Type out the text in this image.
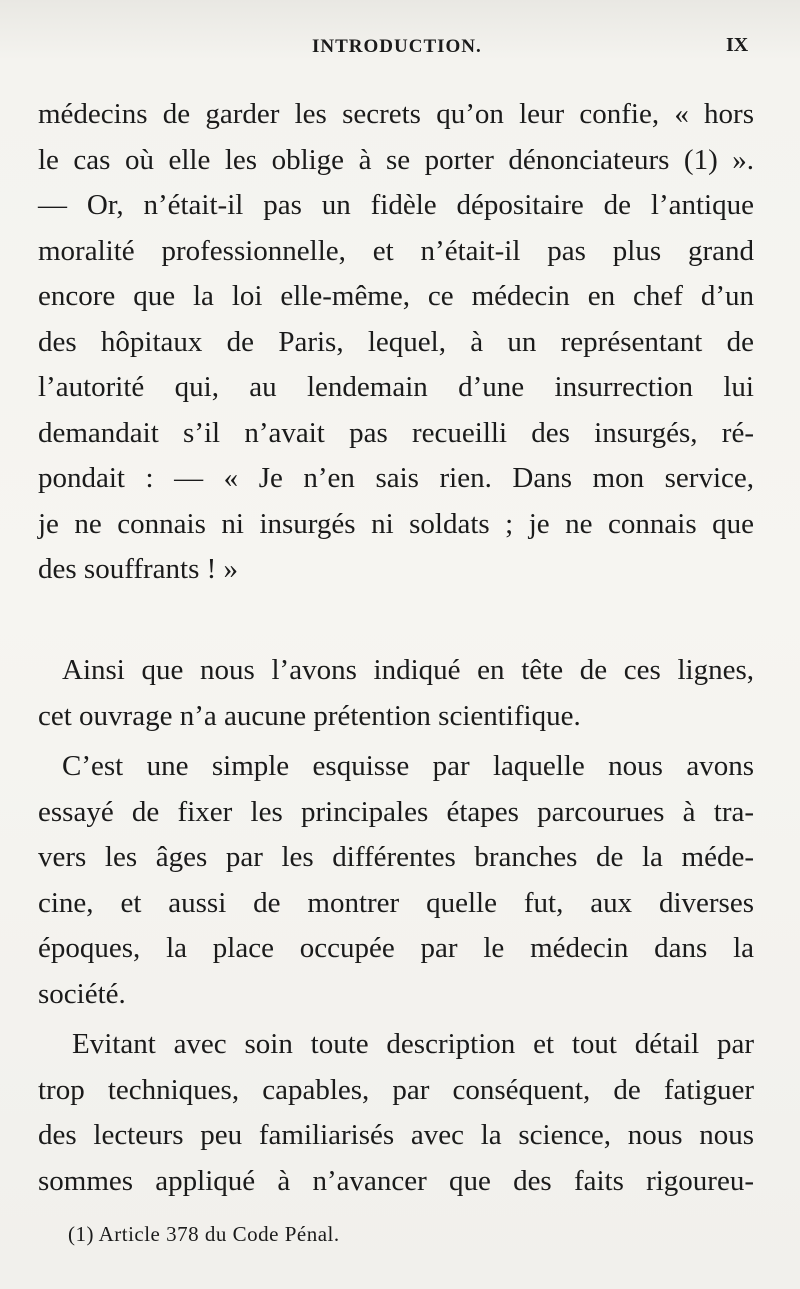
INTRODUCTION.	IX
médecins de garder les secrets qu’on leur confie, « hors
le cas où elle les oblige à se porter dénonciateurs (1) ».
— Or, n’était-il pas un fidèle dépositaire de l’antique
moralité professionnelle, et n’était-il pas plus grand
encore que la loi elle-même, ce médecin en chef d’un
des hôpitaux de Paris, lequel, à un représentant de
l’autorité qui, au lendemain d’une insurrection lui
demandait s’il n’avait pas recueilli des insurgés, ré-
pondait : — « Je n’en sais rien. Dans mon service,
je ne connais ni insurgés ni soldats ; je ne connais que
des souffrants ! »
Ainsi que nous l’avons indiqué en tête de ces lignes,
cet ouvrage n’a aucune prétention scientifique.
C’est une simple esquisse par laquelle nous avons
essayé de fixer les principales étapes parcourues à tra-
vers les âges par les différentes branches de la méde-
cine, et aussi de montrer quelle fut, aux diverses
époques, la place occupée par le médecin dans la
société.
Evitant avec soin toute description et tout détail par
trop techniques, capables, par conséquent, de fatiguer
des lecteurs peu familiarisés avec la science, nous nous
sommes appliqué à n’avancer que des faits rigoureu-
(1) Article 378 du Code Pénal.
